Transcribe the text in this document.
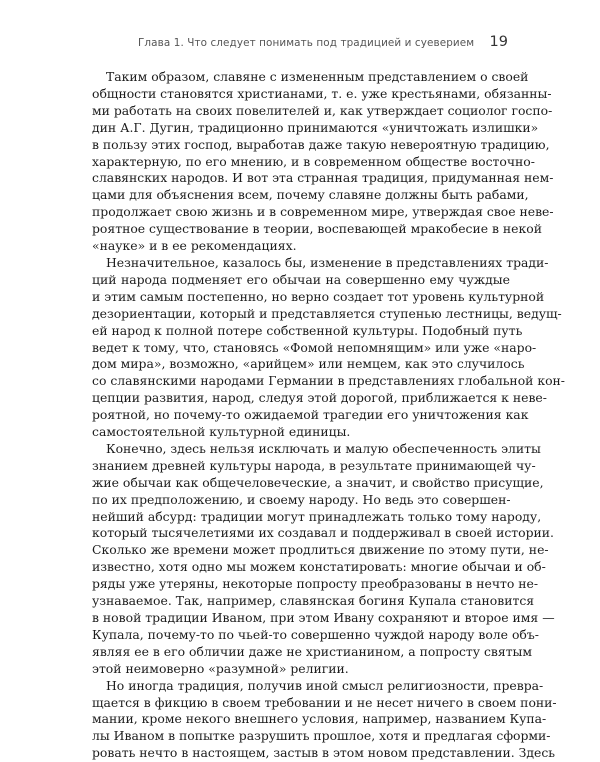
Глава 1. Что следует понимать под традицией и суеверием 19
Таким образом, славяне с измененным представлением о своей
общности становятся христианами, т. е. уже крестьянами, обязанны-
ми работать на своих повелителей и, как утверждает социолог госпо-
дин А.Г. Дугин, традиционно принимаются «уничтожать излишки»
в пользу этих господ, выработав даже такую невероятную традицию,
характерную, по его мнению, и в современном обществе восточно-
славянских народов. И вот эта странная традиция, придуманная нем-
цами для объяснения всем, почему славяне должны быть рабами,
продолжает свою жизнь и в современном мире, утверждая свое неве-
роятное существование в теории, воспевающей мракобесие в некой
«науке» и в ее рекомендациях.
Незначительное, казалось бы, изменение в представлениях тради-
ций народа подменяет его обычаи на совершенно ему чуждые
и этим самым постепенно, но верно создает тот уровень культурной
дезориентации, который и представляется ступенью лестницы, ведущ-
ей народ к полной потере собственной культуры. Подобный путь
ведет к тому, что, становясь «Фомой непомнящим» или уже «наро-
дом мира», возможно, «арийцем» или немцем, как это случилось
со славянскими народами Германии в представлениях глобальной кон-
цепции развития, народ, следуя этой дорогой, приближается к неве-
роятной, но почему-то ожидаемой трагедии его уничтожения как
самостоятельной культурной единицы.
Конечно, здесь нельзя исключать и малую обеспеченность элиты
знанием древней культуры народа, в результате принимающей чу-
жие обычаи как общечеловеческие, а значит, и свойство присущие,
по их предположению, и своему народу. Но ведь это совершен-
нейший абсурд: традиции могут принадлежать только тому народу,
который тысячелетиями их создавал и поддерживал в своей истории.
Сколько же времени может продлиться движение по этому пути, не-
известно, хотя одно мы можем констатировать: многие обычаи и об-
ряды уже утеряны, некоторые попросту преобразованы в нечто не-
узнаваемое. Так, например, славянская богиня Купала становится
в новой традиции Иваном, при этом Ивану сохраняют и второе имя —
Купала, почему-то по чьей-то совершенно чуждой народу воле объ-
являя ее в его обличии даже не христианином, а попросту святым
этой неимоверно «разумной» религии.
Но иногда традиция, получив иной смысл религиозности, превра-
щается в фикцию в своем требовании и не несет ничего в своем пони-
мании, кроме некого внешнего условия, например, названием Купа-
лы Иваном в попытке разрушить прошлое, хотя и предлагая сформи-
ровать нечто в настоящем, застыв в этом новом представлении. Здесь
